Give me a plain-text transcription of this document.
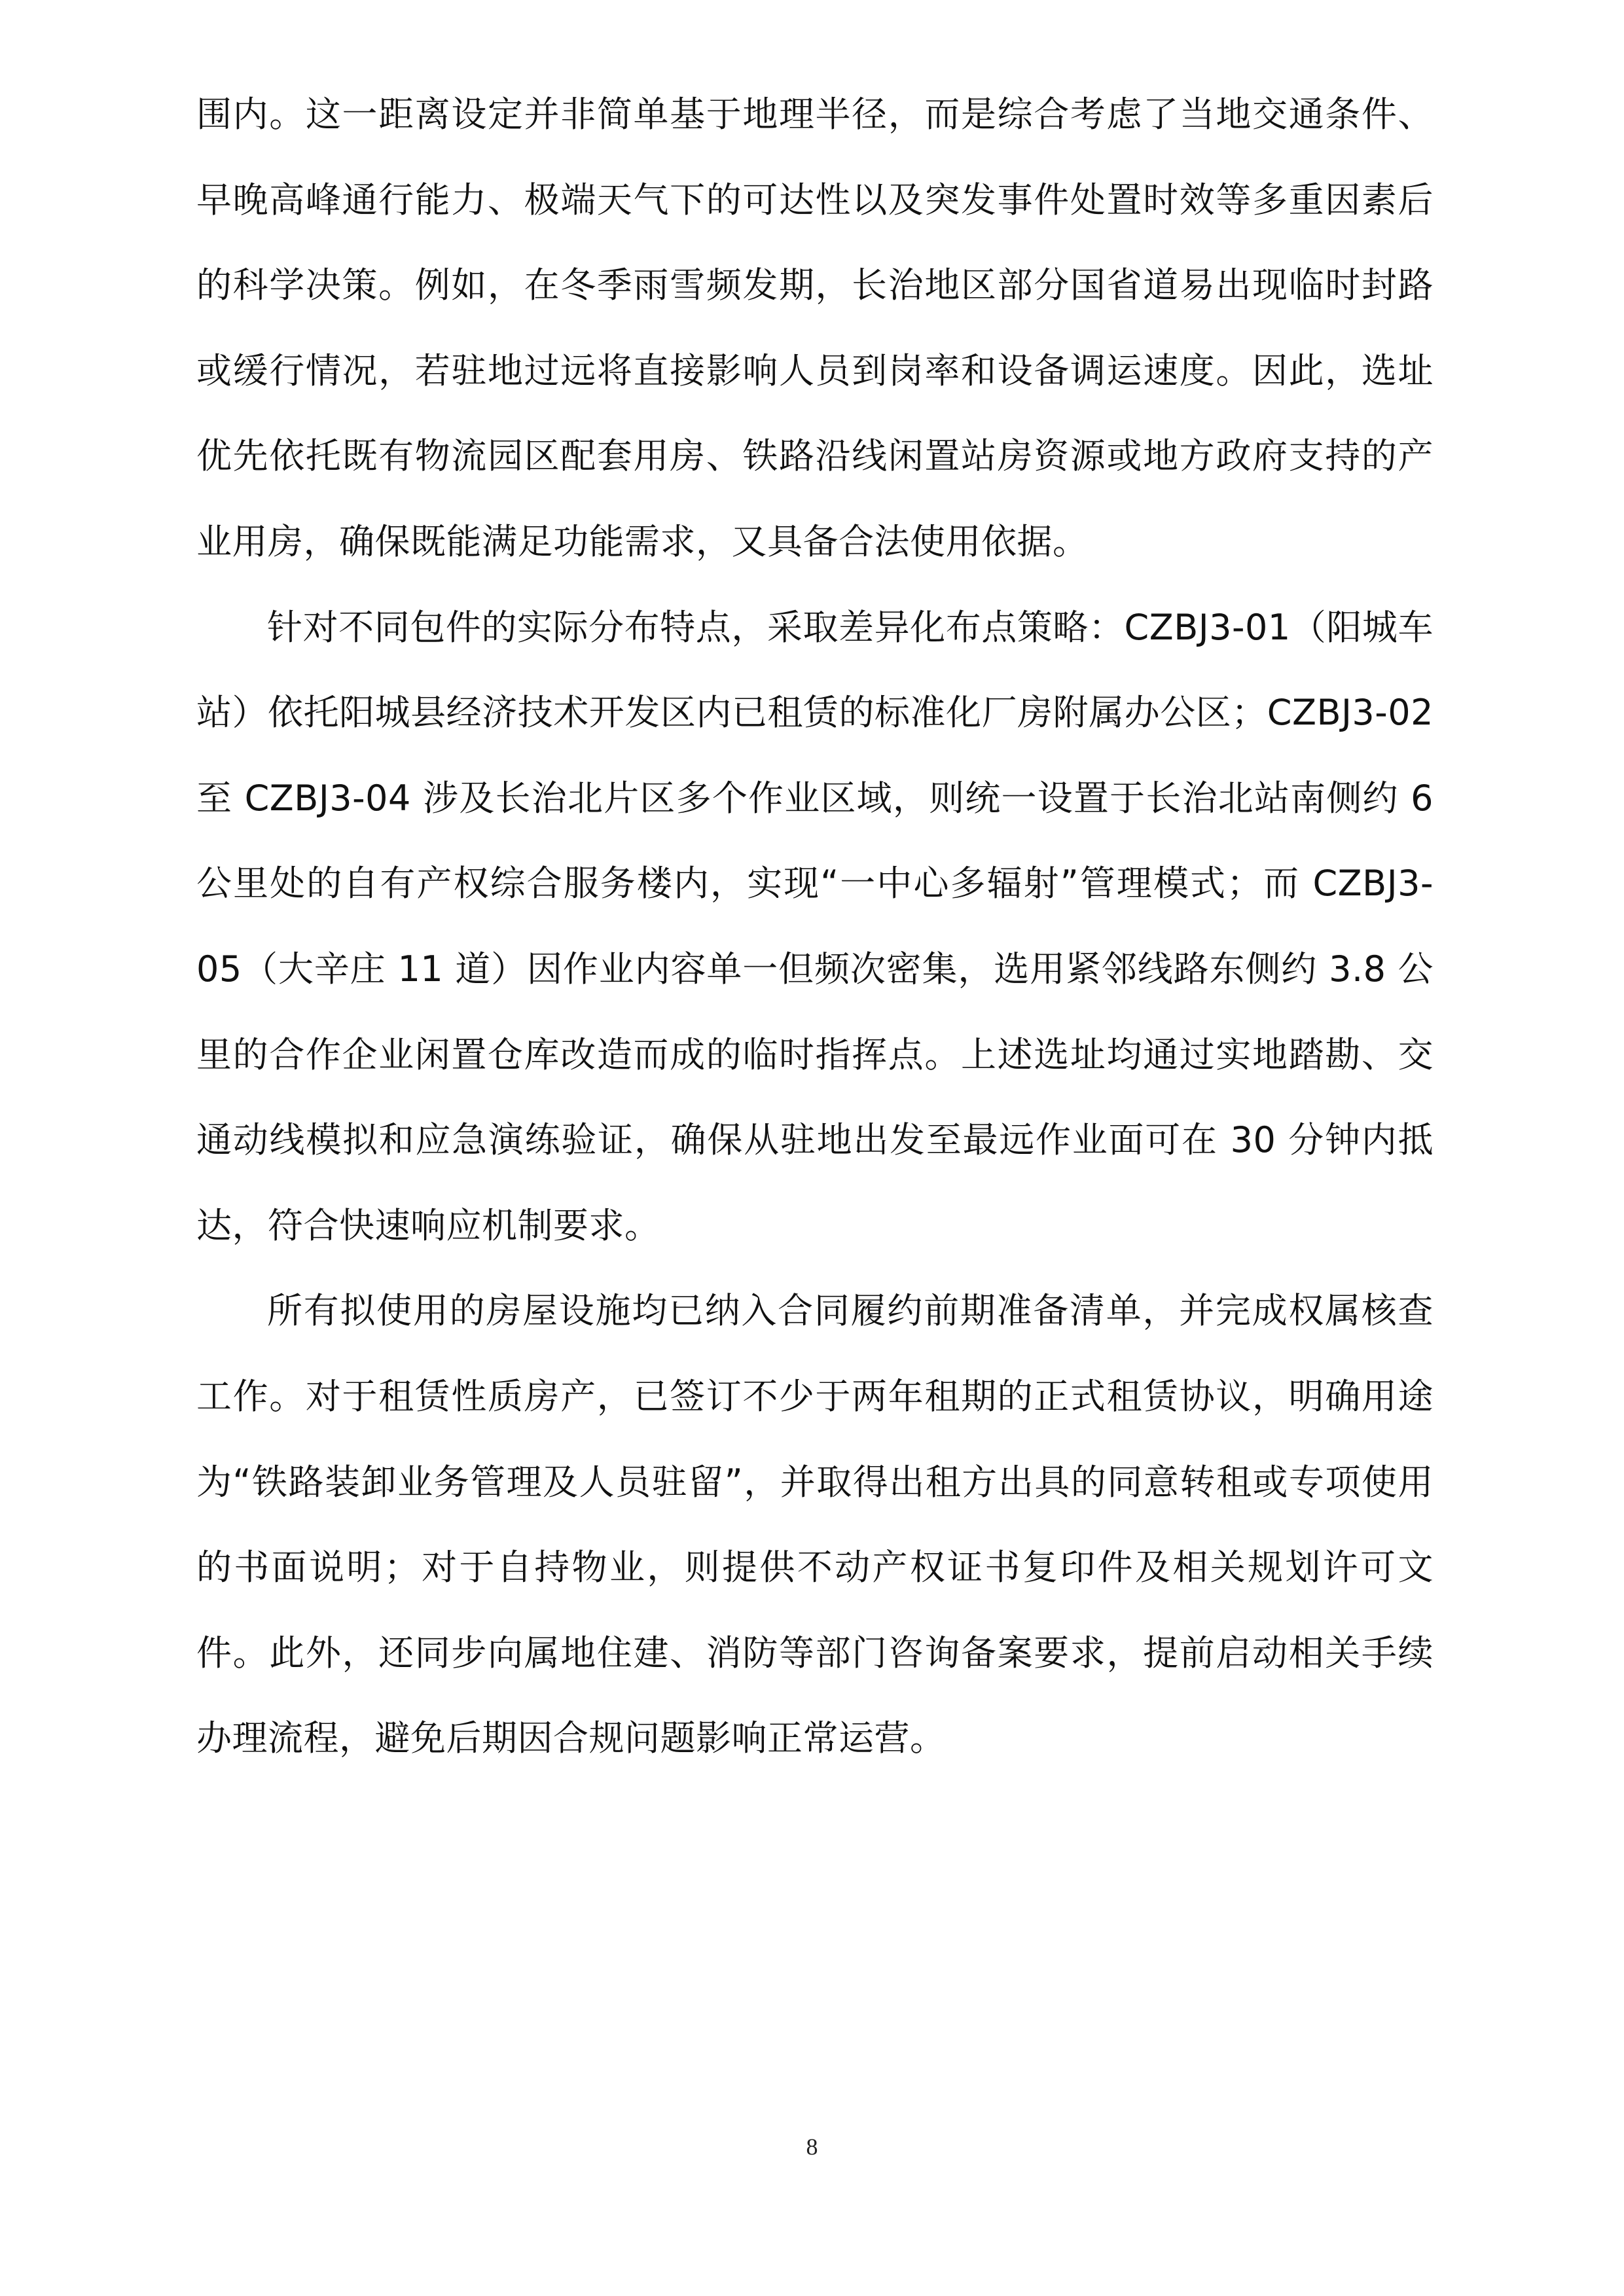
围内。这一距离设定并非简单基于地理半径，而是综合考虑了当地交通条件、早晚高峰通行能力、极端天气下的可达性以及突发事件处置时效等多重因素后的科学决策。例如，在冬季雨雪频发期，长治地区部分国省道易出现临时封路或缓行情况，若驻地过远将直接影响人员到岗率和设备调运速度。因此，选址优先依托既有物流园区配套用房、铁路沿线闲置站房资源或地方政府支持的产业用房，确保既能满足功能需求，又具备合法使用依据。

针对不同包件的实际分布特点，采取差异化布点策略：CZBJ3-01（阳城车站）依托阳城县经济技术开发区内已租赁的标准化厂房附属办公区；CZBJ3-02 至 CZBJ3-04 涉及长治北片区多个作业区域，则统一设置于长治北站南侧约 6 公里处的自有产权综合服务楼内，实现“一中心多辐射”管理模式；而 CZBJ3-05（大辛庄 11 道）因作业内容单一但频次密集，选用紧邻线路东侧约 3.8 公里的合作企业闲置仓库改造而成的临时指挥点。上述选址均通过实地踏勘、交通动线模拟和应急演练验证，确保从驻地出发至最远作业面可在 30 分钟内抵达，符合快速响应机制要求。

所有拟使用的房屋设施均已纳入合同履约前期准备清单，并完成权属核查工作。对于租赁性质房产，已签订不少于两年租期的正式租赁协议，明确用途为“铁路装卸业务管理及人员驻留”，并取得出租方出具的同意转租或专项使用的书面说明；对于自持物业，则提供不动产权证书复印件及相关规划许可文件。此外，还同步向属地住建、消防等部门咨询备案要求，提前启动相关手续办理流程，避免后期因合规问题影响正常运营。

8
